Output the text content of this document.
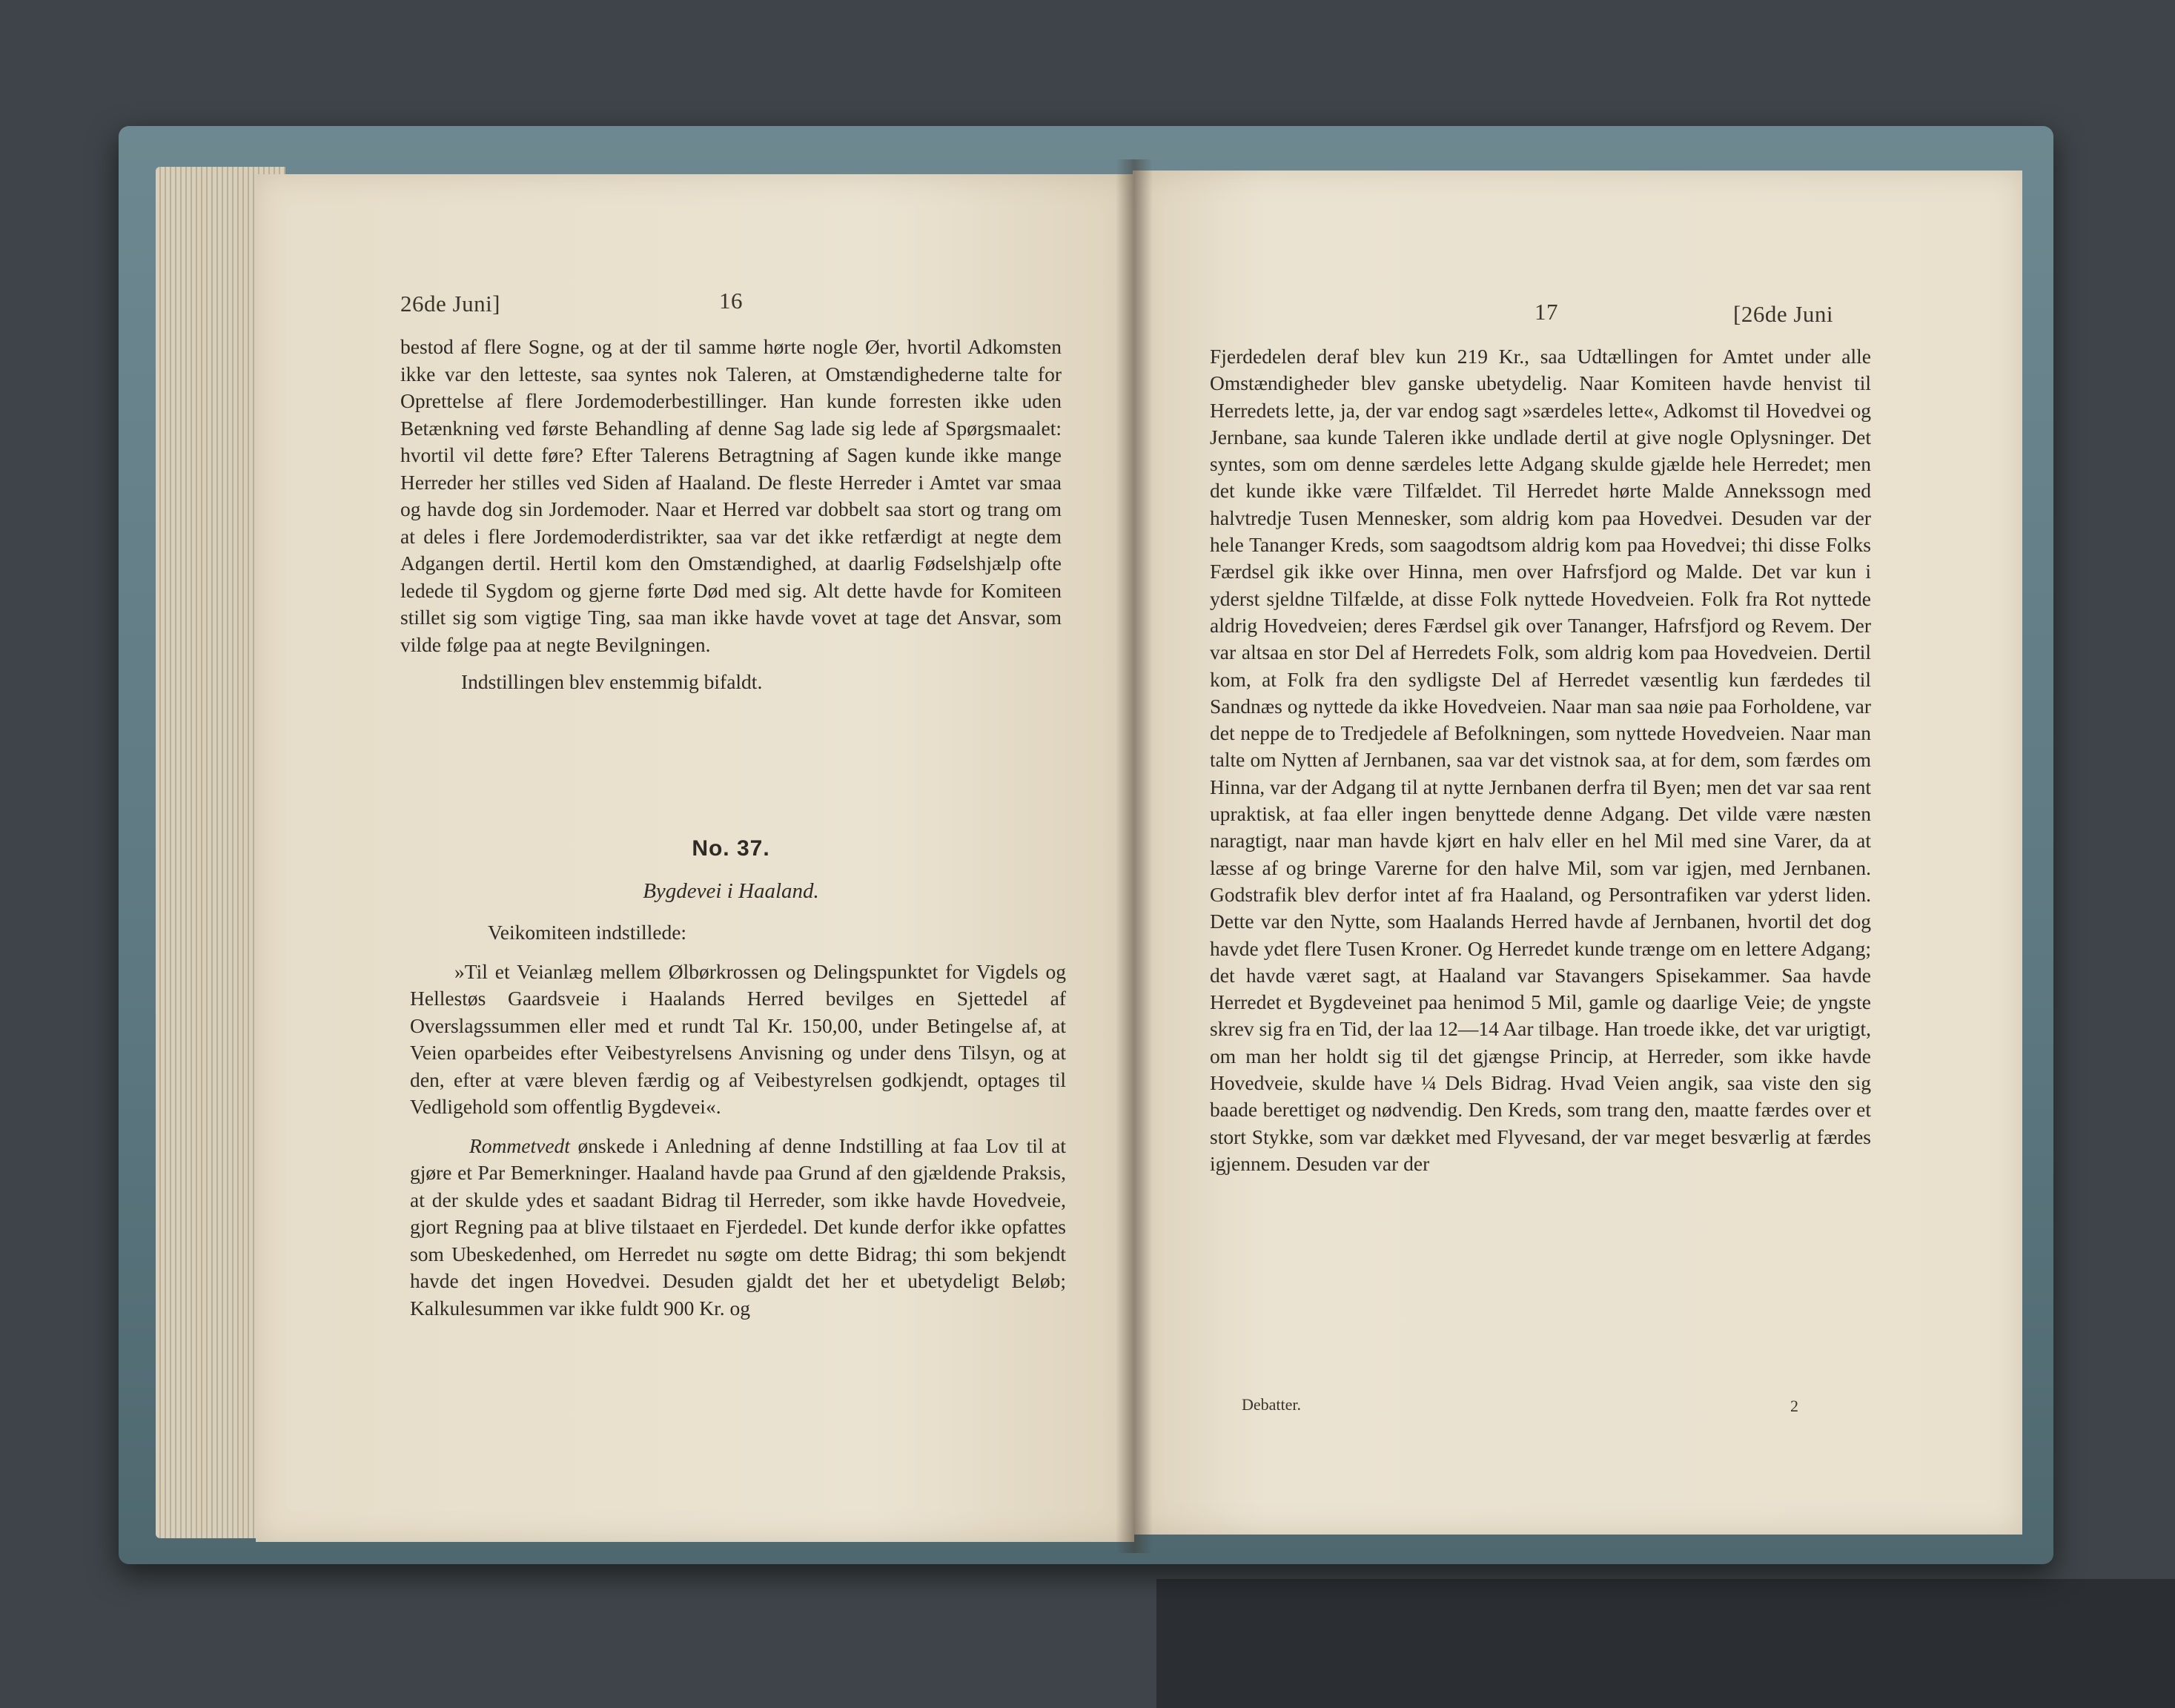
26de Juni]	16

bestod af flere Sogne, og at der til samme hørte nogle Øer, hvortil Adkomsten ikke var den letteste, saa syntes nok Taleren, at Omstændighederne talte for Oprettelse af flere Jordemoderbestillinger. Han kunde forresten ikke uden Betænkning ved første Behandling af denne Sag lade sig lede af Spørgsmaalet: hvortil vil dette føre? Efter Talerens Betragtning af Sagen kunde ikke mange Herreder her stilles ved Siden af Haaland. De fleste Herreder i Amtet var smaa og havde dog sin Jordemoder. Naar et Herred var dobbelt saa stort og trang om at deles i flere Jordemoderdistrikter, saa var det ikke retfærdigt at negte dem Adgangen dertil. Hertil kom den Omstændighed, at daarlig Fødselshjælp ofte ledede til Sygdom og gjerne førte Død med sig. Alt dette havde for Komiteen stillet sig som vigtige Ting, saa man ikke havde vovet at tage det Ansvar, som vilde følge paa at negte Bevilgningen.

Indstillingen blev enstemmig bifaldt.

No. 37.
Bygdevei i Haaland.

Veikomiteen indstillede:

»Til et Veianlæg mellem Ølbørkrossen og Delingspunktet for Vigdels og Hellestøs Gaardsveie i Haalands Herred bevilges en Sjettedel af Overslagssummen eller med et rundt Tal Kr. 150,00, under Betingelse af, at Veien oparbeides efter Veibestyrelsens Anvisning og under dens Tilsyn, og at den, efter at være bleven færdig og af Veibestyrelsen godkjendt, optages til Vedligehold som offentlig Bygdevei«.

Rommetvedt ønskede i Anledning af denne Indstilling at faa Lov til at gjøre et Par Bemerkninger. Haaland havde paa Grund af den gjældende Praksis, at der skulde ydes et saadant Bidrag til Herreder, som ikke havde Hovedveie, gjort Regning paa at blive tilstaaet en Fjerdedel. Det kunde derfor ikke opfattes som Ubeskedenhed, om Herredet nu søgte om dette Bidrag; thi som bekjendt havde det ingen Hovedvei. Desuden gjaldt det her et ubetydeligt Beløb; Kalkulesummen var ikke fuldt 900 Kr. og

17	[26de Juni

Fjerdedelen deraf blev kun 219 Kr., saa Udtællingen for Amtet under alle Omstændigheder blev ganske ubetydelig. Naar Komiteen havde henvist til Herredets lette, ja, der var endog sagt »særdeles lette«, Adkomst til Hovedvei og Jernbane, saa kunde Taleren ikke undlade dertil at give nogle Oplysninger. Det syntes, som om denne særdeles lette Adgang skulde gjælde hele Herredet; men det kunde ikke være Tilfældet. Til Herredet hørte Malde Annekssogn med halvtredje Tusen Mennesker, som aldrig kom paa Hovedvei. Desuden var der hele Tananger Kreds, som saagodtsom aldrig kom paa Hovedvei; thi disse Folks Færdsel gik ikke over Hinna, men over Hafrsfjord og Malde. Det var kun i yderst sjeldne Tilfælde, at disse Folk nyttede Hovedveien. Folk fra Rot nyttede aldrig Hovedveien; deres Færdsel gik over Tananger, Hafrsfjord og Revem. Der var altsaa en stor Del af Herredets Folk, som aldrig kom paa Hovedveien. Dertil kom, at Folk fra den sydligste Del af Herredet væsentlig kun færdedes til Sandnæs og nyttede da ikke Hovedveien. Naar man saa nøie paa Forholdene, var det neppe de to Tredjedele af Befolkningen, som nyttede Hovedveien. Naar man talte om Nytten af Jernbanen, saa var det vistnok saa, at for dem, som færdes om Hinna, var der Adgang til at nytte Jernbanen derfra til Byen; men det var saa rent upraktisk, at faa eller ingen benyttede denne Adgang. Det vilde være næsten naragtigt, naar man havde kjørt en halv eller en hel Mil med sine Varer, da at læsse af og bringe Varerne for den halve Mil, som var igjen, med Jernbanen. Godstrafik blev derfor intet af fra Haaland, og Persontrafiken var yderst liden. Dette var den Nytte, som Haalands Herred havde af Jernbanen, hvortil det dog havde ydet flere Tusen Kroner. Og Herredet kunde trænge om en lettere Adgang; det havde været sagt, at Haaland var Stavangers Spisekammer. Saa havde Herredet et Bygdeveinet paa henimod 5 Mil, gamle og daarlige Veie; de yngste skrev sig fra en Tid, der laa 12—14 Aar tilbage. Han troede ikke, det var urigtigt, om man her holdt sig til det gjængse Princip, at Herreder, som ikke havde Hovedveie, skulde have ¼ Dels Bidrag. Hvad Veien angik, saa viste den sig baade berettiget og nødvendig. Den Kreds, som trang den, maatte færdes over et stort Stykke, som var dækket med Flyvesand, der var meget besværlig at færdes igjennem. Desuden var der

Debatter.	2
